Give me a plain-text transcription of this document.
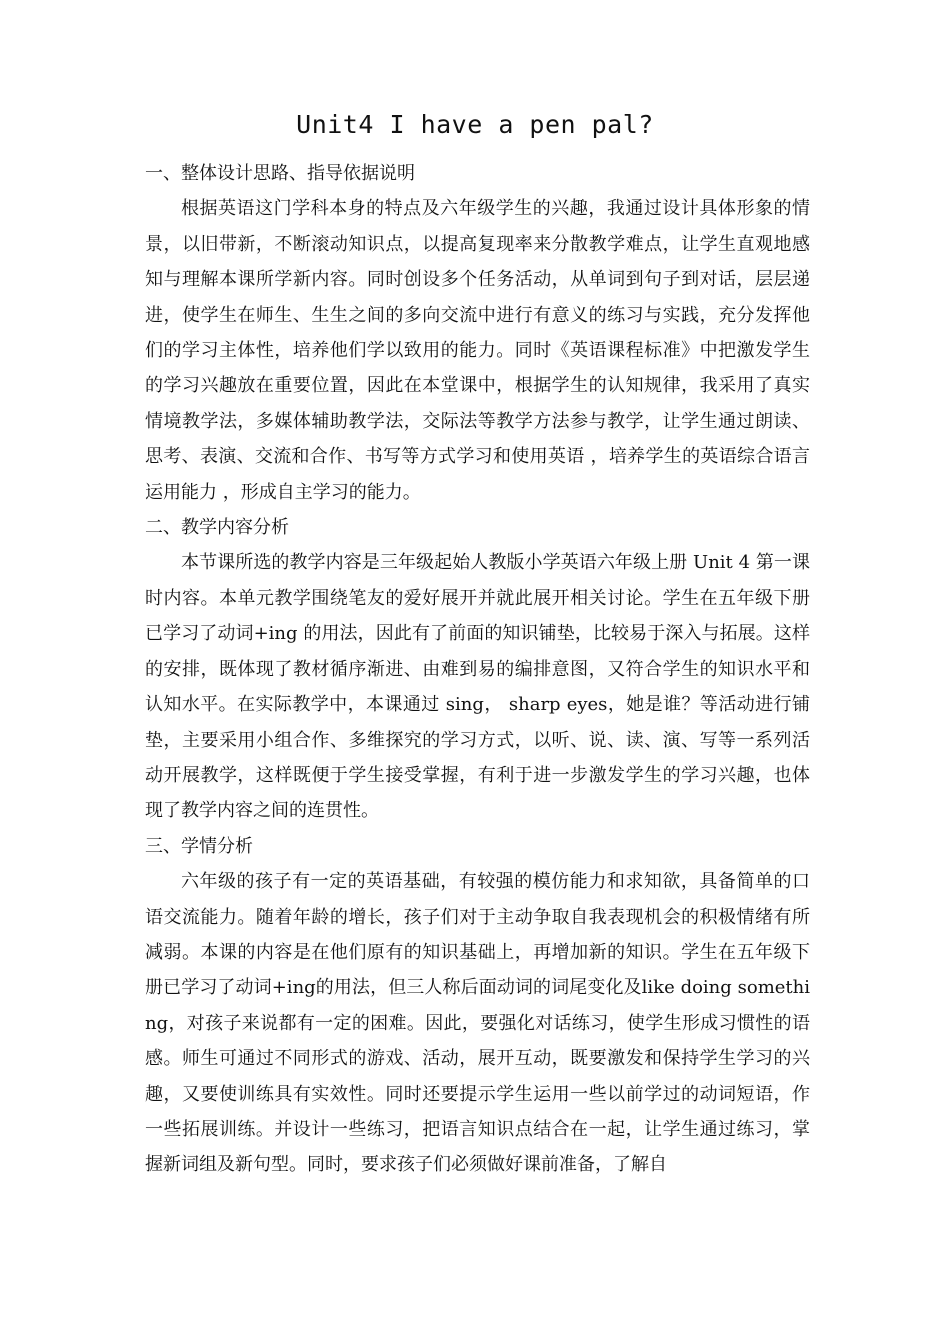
Unit4 I have a pen pal?

一、整体设计思路、指导依据说明

根据英语这门学科本身的特点及六年级学生的兴趣，我通过设计具体形象的情景，以旧带新，不断滚动知识点，以提高复现率来分散教学难点，让学生直观地感知与理解本课所学新内容。同时创设多个任务活动，从单词到句子到对话，层层递进，使学生在师生、生生之间的多向交流中进行有意义的练习与实践，充分发挥他们的学习主体性，培养他们学以致用的能力。同时《英语课程标准》中把激发学生的学习兴趣放在重要位置，因此在本堂课中，根据学生的认知规律，我采用了真实情境教学法，多媒体辅助教学法，交际法等教学方法参与教学，让学生通过朗读、思考、表演、交流和合作、书写等方式学习和使用英语 ，培养学生的英语综合语言运用能力 ，形成自主学习的能力。

二、教学内容分析

本节课所选的教学内容是三年级起始人教版小学英语六年级上册 Unit 4 第一课时内容。本单元教学围绕笔友的爱好展开并就此展开相关讨论。学生在五年级下册已学习了动词+ing 的用法，因此有了前面的知识铺垫，比较易于深入与拓展。这样的安排，既体现了教材循序渐进、由难到易的编排意图，又符合学生的知识水平和认知水平。在实际教学中，本课通过 sing， sharp eyes，她是谁？等活动进行铺垫，主要采用小组合作、多维探究的学习方式，以听、说、读、演、写等一系列活动开展教学，这样既便于学生接受掌握，有利于进一步激发学生的学习兴趣，也体现了教学内容之间的连贯性。

三、学情分析

六年级的孩子有一定的英语基础，有较强的模仿能力和求知欲，具备简单的口语交流能力。随着年龄的增长，孩子们对于主动争取自我表现机会的积极情绪有所减弱。本课的内容是在他们原有的知识基础上，再增加新的知识。学生在五年级下册已学习了动词+ing的用法，但三人称后面动词的词尾变化及like doing something，对孩子来说都有一定的困难。因此，要强化对话练习，使学生形成习惯性的语感。师生可通过不同形式的游戏、活动，展开互动，既要激发和保持学生学习的兴趣，又要使训练具有实效性。同时还要提示学生运用一些以前学过的动词短语，作一些拓展训练。并设计一些练习，把语言知识点结合在一起，让学生通过练习，掌握新词组及新句型。同时，要求孩子们必须做好课前准备，了解自
